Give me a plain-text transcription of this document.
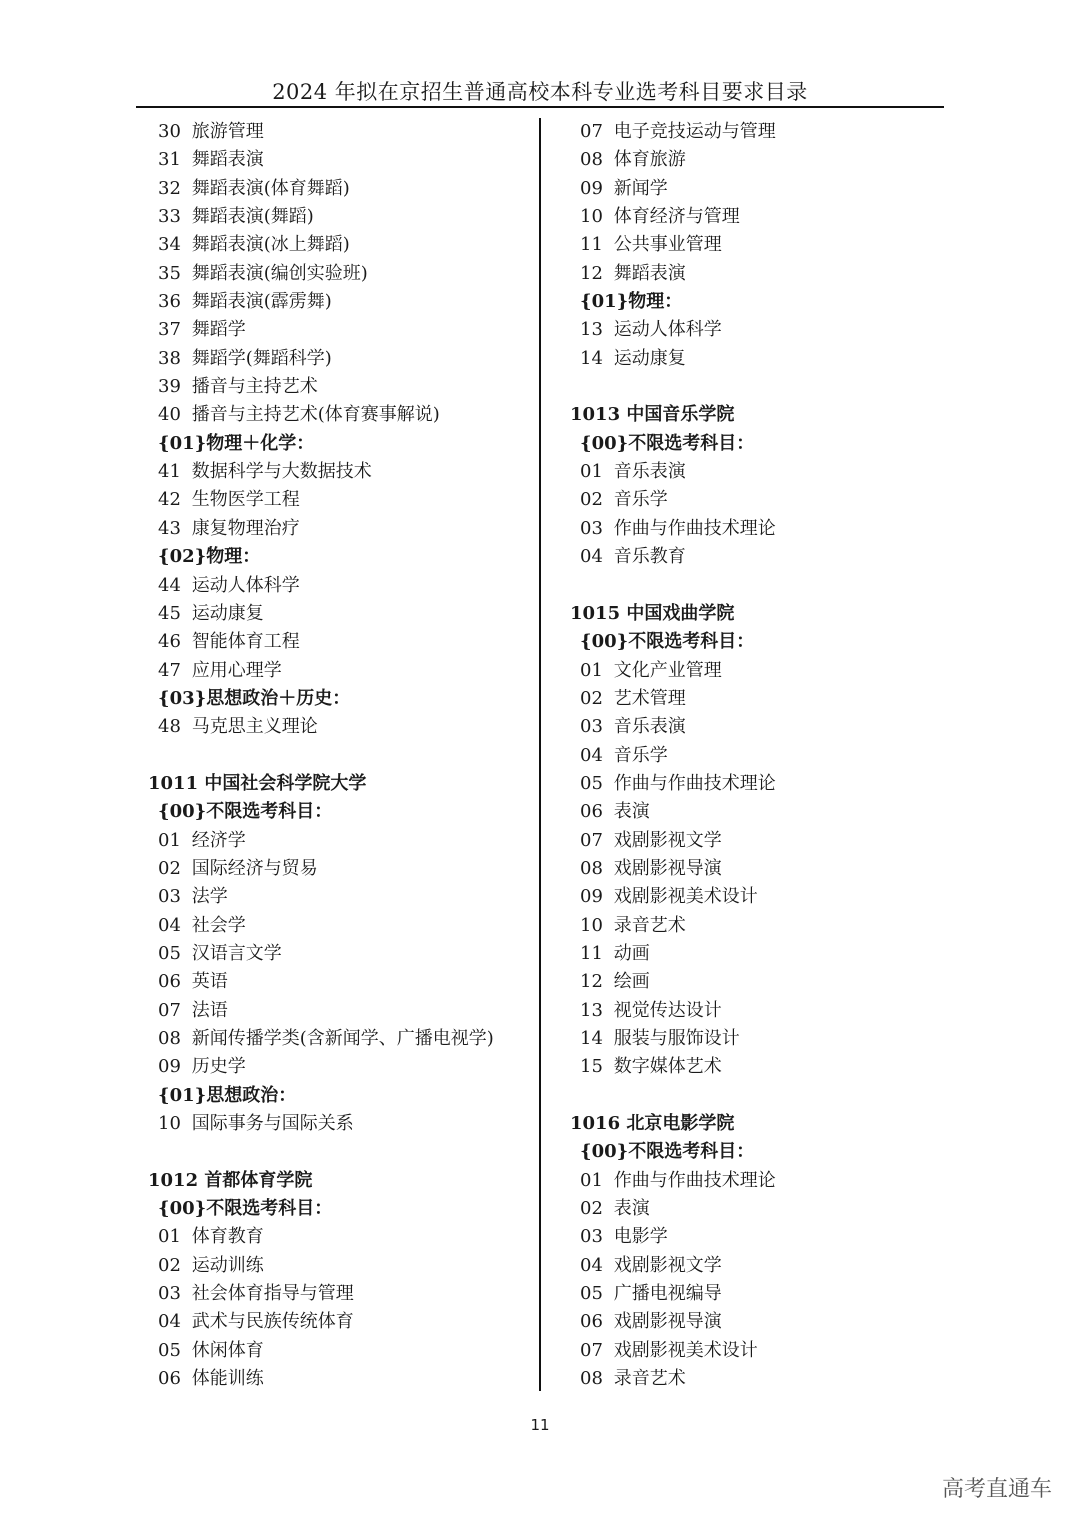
2024 年拟在京招生普通高校本科专业选考科目要求目录
30 旅游管理
31 舞蹈表演
32 舞蹈表演(体育舞蹈)
33 舞蹈表演(舞蹈)
34 舞蹈表演(冰上舞蹈)
35 舞蹈表演(编创实验班)
36 舞蹈表演(霹雳舞)
37 舞蹈学
38 舞蹈学(舞蹈科学)
39 播音与主持艺术
40 播音与主持艺术(体育赛事解说)
{01}物理＋化学：
41 数据科学与大数据技术
42 生物医学工程
43 康复物理治疗
{02}物理：
44 运动人体科学
45 运动康复
46 智能体育工程
47 应用心理学
{03}思想政治＋历史：
48 马克思主义理论
1011 中国社会科学院大学
{00}不限选考科目：
01 经济学
02 国际经济与贸易
03 法学
04 社会学
05 汉语言文学
06 英语
07 法语
08 新闻传播学类(含新闻学、广播电视学)
09 历史学
{01}思想政治：
10 国际事务与国际关系
1012 首都体育学院
{00}不限选考科目：
01 体育教育
02 运动训练
03 社会体育指导与管理
04 武术与民族传统体育
05 休闲体育
06 体能训练
07 电子竞技运动与管理
08 体育旅游
09 新闻学
10 体育经济与管理
11 公共事业管理
12 舞蹈表演
{01}物理：
13 运动人体科学
14 运动康复
1013 中国音乐学院
{00}不限选考科目：
01 音乐表演
02 音乐学
03 作曲与作曲技术理论
04 音乐教育
1015 中国戏曲学院
{00}不限选考科目：
01 文化产业管理
02 艺术管理
03 音乐表演
04 音乐学
05 作曲与作曲技术理论
06 表演
07 戏剧影视文学
08 戏剧影视导演
09 戏剧影视美术设计
10 录音艺术
11 动画
12 绘画
13 视觉传达设计
14 服装与服饰设计
15 数字媒体艺术
1016 北京电影学院
{00}不限选考科目：
01 作曲与作曲技术理论
02 表演
03 电影学
04 戏剧影视文学
05 广播电视编导
06 戏剧影视导演
07 戏剧影视美术设计
08 录音艺术
11
高考直通车
